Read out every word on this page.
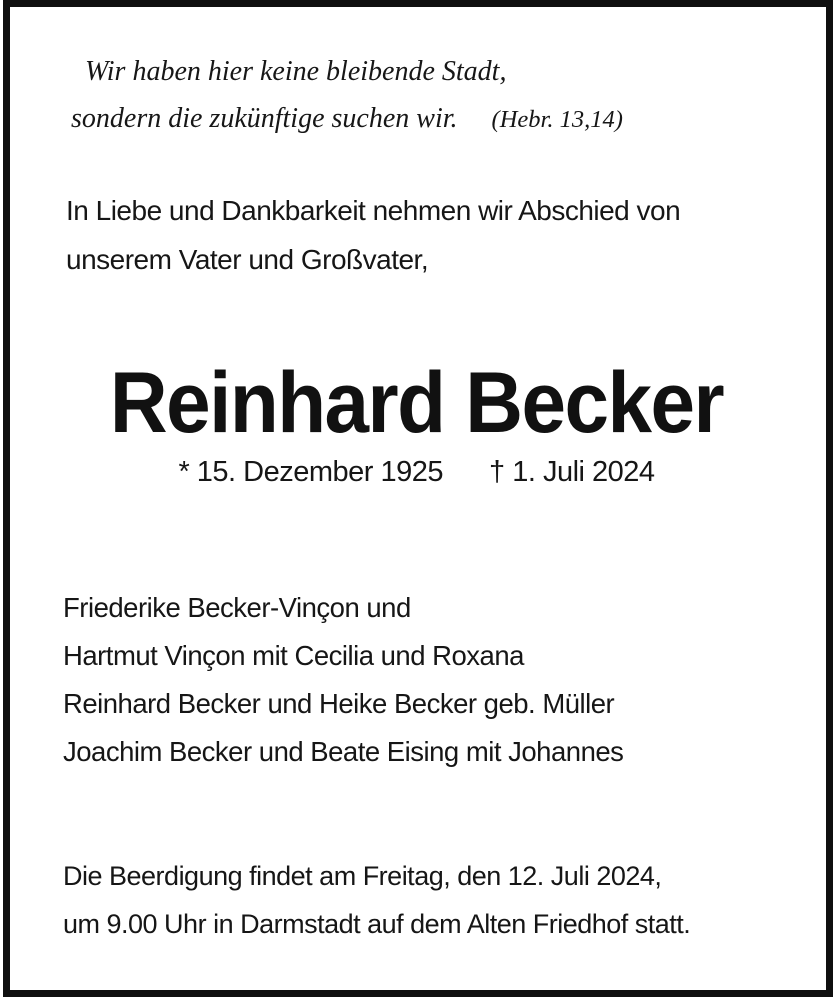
Wir haben hier keine bleibende Stadt,
sondern die zukünftige suchen wir. (Hebr. 13,14)
In Liebe und Dankbarkeit nehmen wir Abschied von
unserem Vater und Großvater,
Reinhard Becker
* 15. Dezember 1925 † 1. Juli 2024
Friederike Becker-Vinçon und
Hartmut Vinçon mit Cecilia und Roxana
Reinhard Becker und Heike Becker geb. Müller
Joachim Becker und Beate Eising mit Johannes
Die Beerdigung findet am Freitag, den 12. Juli 2024,
um 9.00 Uhr in Darmstadt auf dem Alten Friedhof statt.
